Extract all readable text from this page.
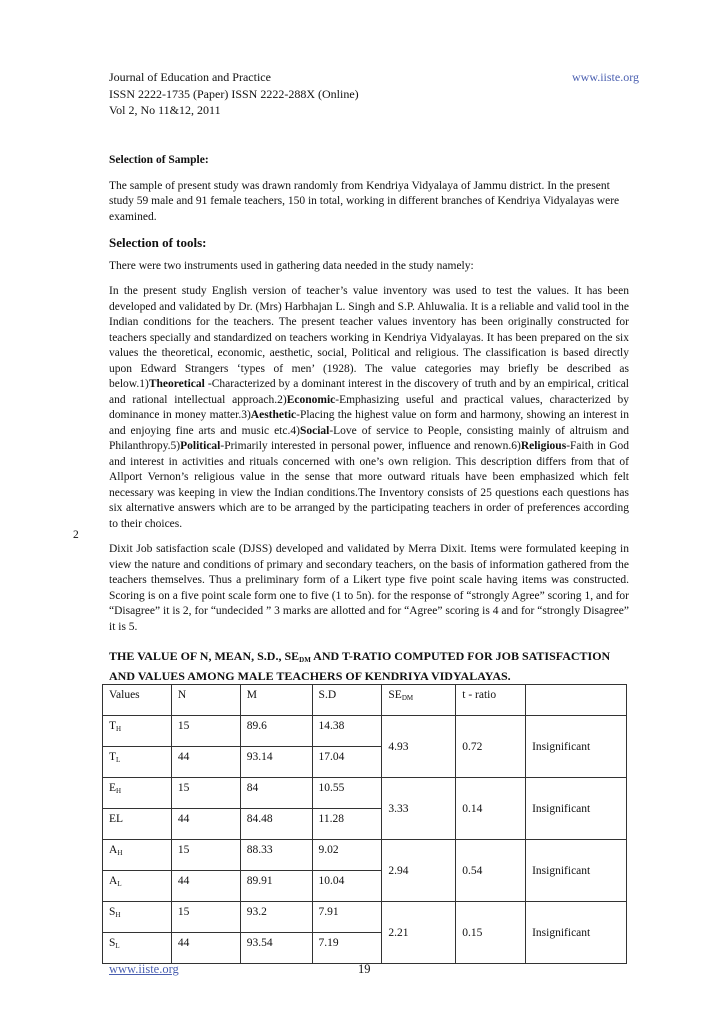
Journal of Education and Practice	www.iiste.org
ISSN 2222-1735 (Paper) ISSN 2222-288X (Online)
Vol 2, No 11&12, 2011

Selection of Sample:

The sample of present study was drawn randomly from Kendriya Vidyalaya of Jammu district. In the present study 59 male and 91 female teachers, 150 in total, working in different branches of Kendriya Vidyalayas were examined.

Selection of tools:

There were two instruments used in gathering data needed in the study namely:

In the present study English version of teacher’s value inventory was used to test the values. It has been developed and validated by Dr. (Mrs) Harbhajan L. Singh and S.P. Ahluwalia. It is a reliable and valid tool in the Indian conditions for the teachers. The present teacher values inventory has been originally constructed for teachers specially and standardized on teachers working in Kendriya Vidyalayas. It has been prepared on the six values the theoretical, economic, aesthetic, social, Political and religious. The classification is based directly upon Edward Strangers ‘types of men’ (1928). The value categories may briefly be described as below.1)Theoretical -Characterized by a dominant interest in the discovery of truth and by an empirical, critical and rational intellectual approach.2)Economic-Emphasizing useful and practical values, characterized by dominance in money matter.3)Aesthetic-Placing the highest value on form and harmony, showing an interest in and enjoying fine arts and music etc.4)Social-Love of service to People, consisting mainly of altruism and Philanthropy.5)Political-Primarily interested in personal power, influence and renown.6)Religious-Faith in God and interest in activities and rituals concerned with one’s own religion. This description differs from that of Allport Vernon’s religious value in the sense that more outward rituals have been emphasized which felt necessary was keeping in view the Indian conditions.The Inventory consists of 25 questions each questions has six alternative answers which are to be arranged by the participating teachers in order of preferences according to their choices.

Dixit Job satisfaction scale (DJSS) developed and validated by Merra Dixit. Items were formulated keeping in view the nature and conditions of primary and secondary teachers, on the basis of information gathered from the teachers themselves. Thus a preliminary form of a Likert type five point scale having items was constructed. Scoring is on a five point scale form one to five (1 to 5n). for the response of “strongly Agree” scoring 1, and for “Disagree” it is 2, for “undecided ” 3 marks are allotted and for “Agree” scoring is 4 and for “strongly Disagree” it is 5.

THE VALUE OF N, MEAN, S.D., $SE_{DM}$ AND T-RATIO COMPUTED FOR JOB SATISFACTION AND VALUES AMONG MALE TEACHERS OF KENDRIYA VIDYALAYAS.

2
Values	N	M	S.D	$SE_{DM}$	t - ratio	
$T_H$	15	89.6	14.38	4.93	0.72	Insignificant
$T_L$	44	93.14	17.04			
$E_H$	15	84	10.55	3.33	0.14	Insignificant
EL	44	84.48	11.28			
$A_H$	15	88.33	9.02	2.94	0.54	Insignificant
$A_L$	44	89.91	10.04			
$S_H$	15	93.2	7.91	2.21	0.15	Insignificant
$S_L$	44	93.54	7.19			
www.iiste.org	19
